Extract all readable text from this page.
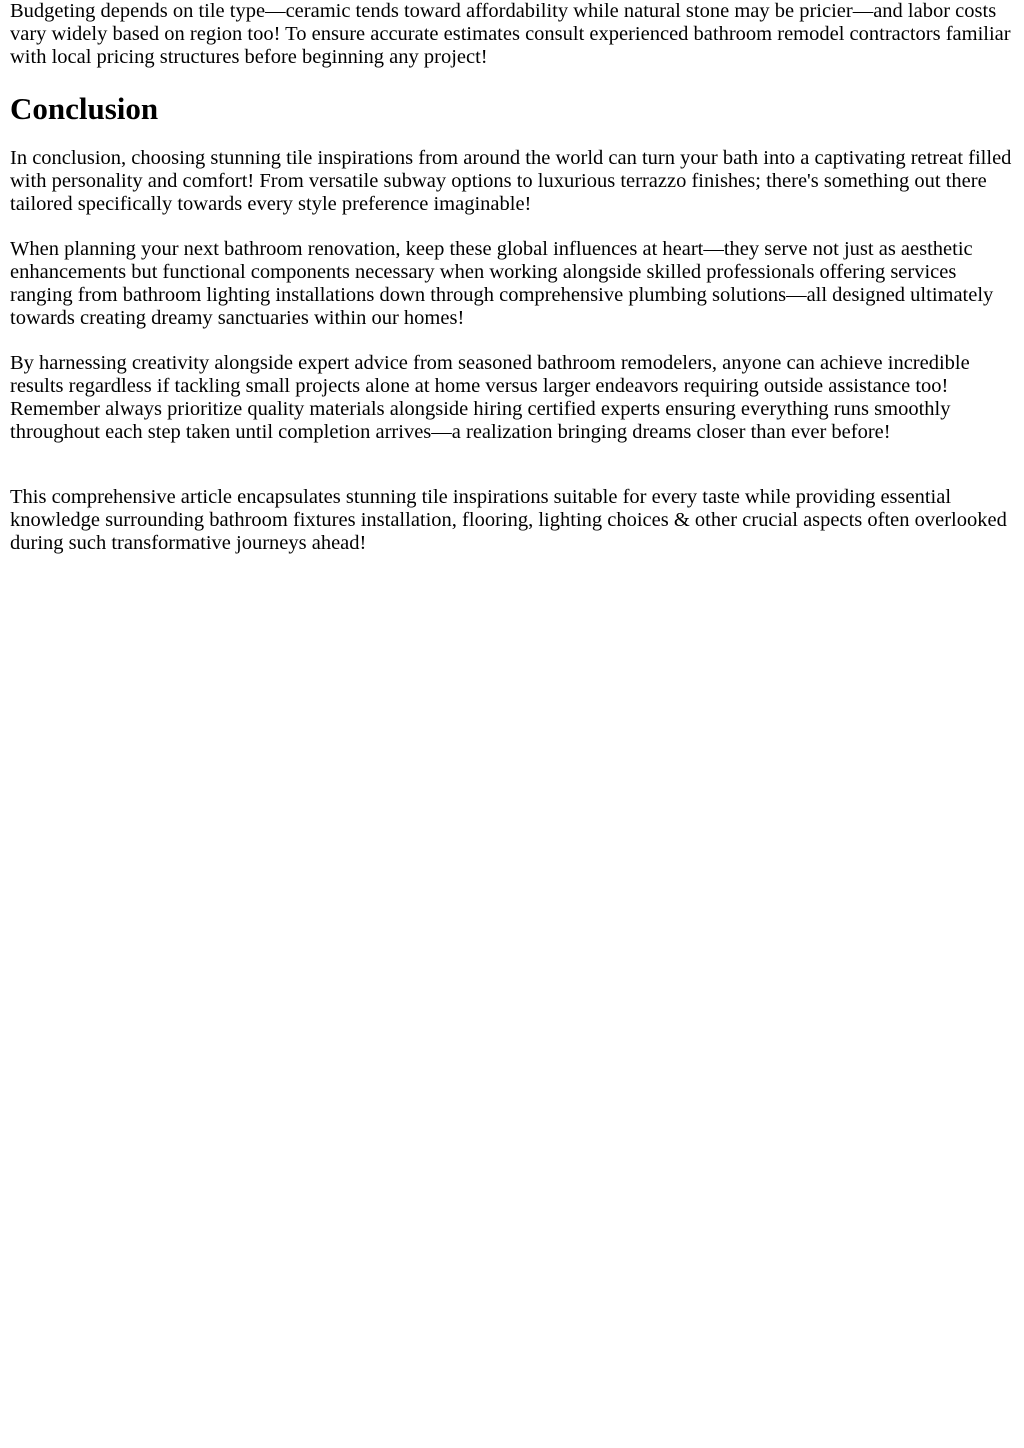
Budgeting depends on tile type—ceramic tends toward affordability while natural stone may be pricier—and labor costs vary widely based on region too! To ensure accurate estimates consult experienced bathroom remodel contractors familiar with local pricing structures before beginning any project!

Conclusion

In conclusion, choosing stunning tile inspirations from around the world can turn your bath into a captivating retreat filled with personality and comfort! From versatile subway options to luxurious terrazzo finishes; there's something out there tailored specifically towards every style preference imaginable!

When planning your next bathroom renovation, keep these global influences at heart—they serve not just as aesthetic enhancements but functional components necessary when working alongside skilled professionals offering services ranging from bathroom lighting installations down through comprehensive plumbing solutions—all designed ultimately towards creating dreamy sanctuaries within our homes!

By harnessing creativity alongside expert advice from seasoned bathroom remodelers, anyone can achieve incredible results regardless if tackling small projects alone at home versus larger endeavors requiring outside assistance too! Remember always prioritize quality materials alongside hiring certified experts ensuring everything runs smoothly throughout each step taken until completion arrives—a realization bringing dreams closer than ever before!

This comprehensive article encapsulates stunning tile inspirations suitable for every taste while providing essential knowledge surrounding bathroom fixtures installation, flooring, lighting choices & other crucial aspects often overlooked during such transformative journeys ahead!
